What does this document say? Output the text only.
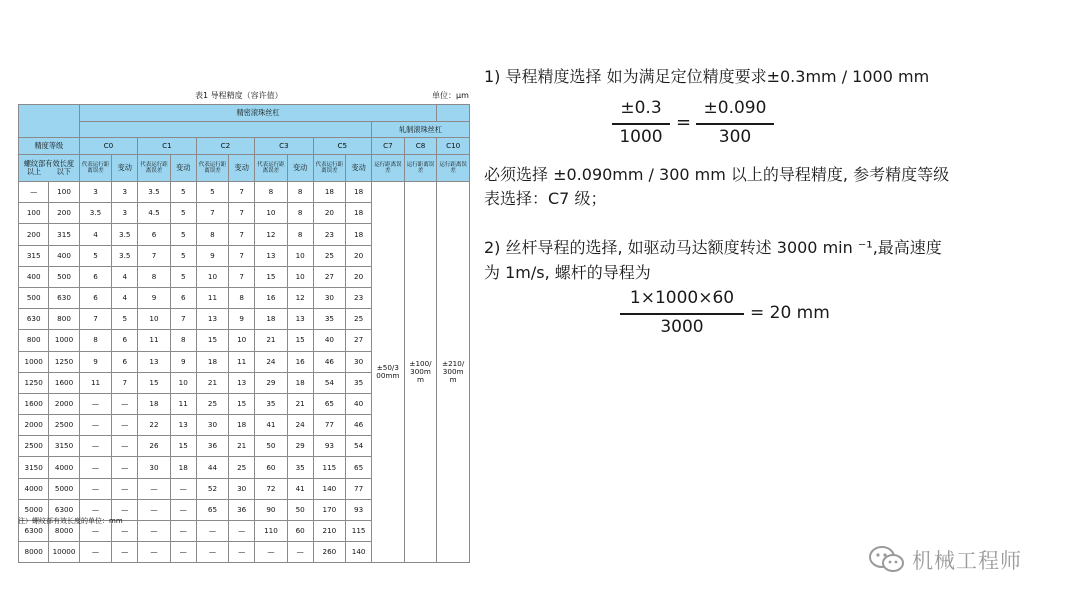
表1 导程精度（容许值）	单位：μm
		精密滚珠丝杠												
												轧制滚珠丝杠		
精度等级		C0		C1		C2		C3		C5		C7	C8	C10

螺纹部有效长度
以上 以下		代表运行距离误差	变动	代表运行距离误差	变动	代表运行距离误差	变动	代表运行距离误差	变动	代表运行距离误差	变动	运行距离误差	运行距离误差	运行距离误差
—	100	3	3	3.5	5	5	7	8	8	18	18	±50/300mm	±100/300mm	±210/300mm
100	200	3.5	3	4.5	5	7	7	10	8	20	18			
200	315	4	3.5	6	5	8	7	12	8	23	18			
315	400	5	3.5	7	5	9	7	13	10	25	20			
400	500	6	4	8	5	10	7	15	10	27	20			
500	630	6	4	9	6	11	8	16	12	30	23			
630	800	7	5	10	7	13	9	18	13	35	25			
800	1000	8	6	11	8	15	10	21	15	40	27			
1000	1250	9	6	13	9	18	11	24	16	46	30			
1250	1600	11	7	15	10	21	13	29	18	54	35			
1600	2000	—	—	18	11	25	15	35	21	65	40			
2000	2500	—	—	22	13	30	18	41	24	77	46			
2500	3150	—	—	26	15	36	21	50	29	93	54			
3150	4000	—	—	30	18	44	25	60	35	115	65			
4000	5000	—	—	—	—	52	30	72	41	140	77			
5000	6300	—	—	—	—	65	36	90	50	170	93			
6300	8000	—	—	—	—	—	—	110	60	210	115			
8000	10000	—	—	—	—	—	—	—	—	260	140			
注）螺纹部有效长度的单位：mm
1) 导程精度选择 如为满足定位精度要求±0.3mm / 1000 mm
±0.3
1000
=
±0.090
300
必须选择 ±0.090mm / 300 mm 以上的导程精度, 参考精度等级
表选择：C7 级；
2) 丝杆导程的选择, 如驱动马达额度转述 3000 min ⁻¹,最高速度
为 1m/s, 螺杆的导程为
1×1000×60
3000
= 20 mm
机械工程师
